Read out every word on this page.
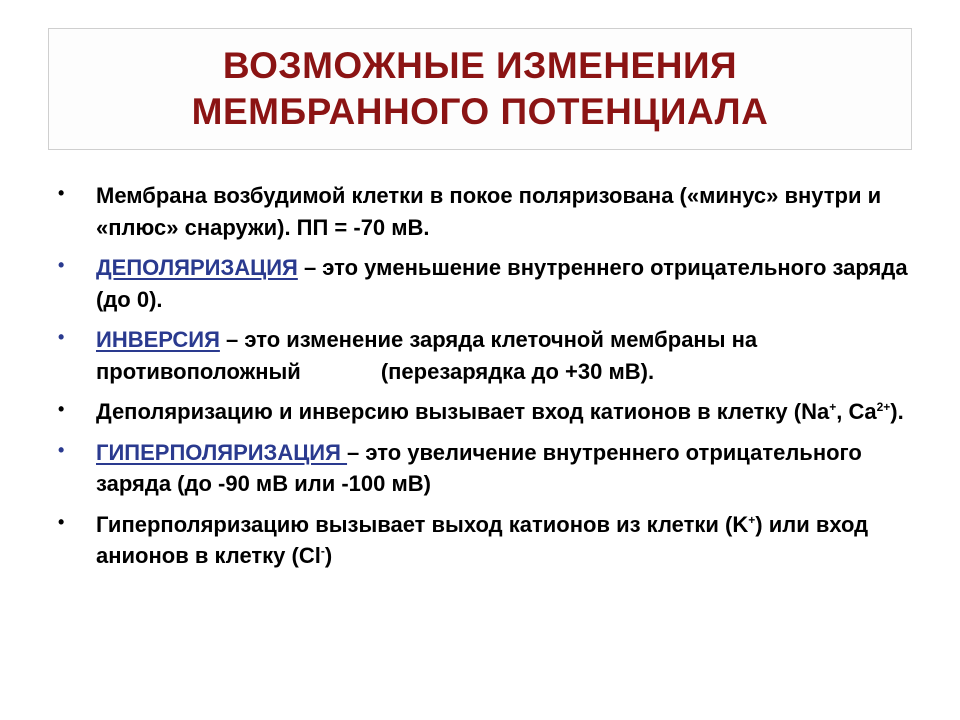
ВОЗМОЖНЫЕ ИЗМЕНЕНИЯ
МЕМБРАННОГО ПОТЕНЦИАЛА
• Мембрана возбудимой клетки в покое поляризована («минус» внутри и «плюс» снаружи). ПП = -70 мВ.
• ДЕПОЛЯРИЗАЦИЯ – это уменьшение внутреннего отрицательного заряда (до 0).
• ИНВЕРСИЯ – это изменение заряда клеточной мембраны на противоположный	(перезарядка до +30 мВ).
• Деполяризацию и инверсию вызывает вход катионов в клетку (Na+, $Ca^{2+}$).
• ГИПЕРПОЛЯРИЗАЦИЯ – это увеличение внутреннего отрицательного заряда (до -90 мВ или -100 мВ)
• Гиперполяризацию вызывает выход катионов из клетки (K+) или вход анионов в клетку (Cl-)
